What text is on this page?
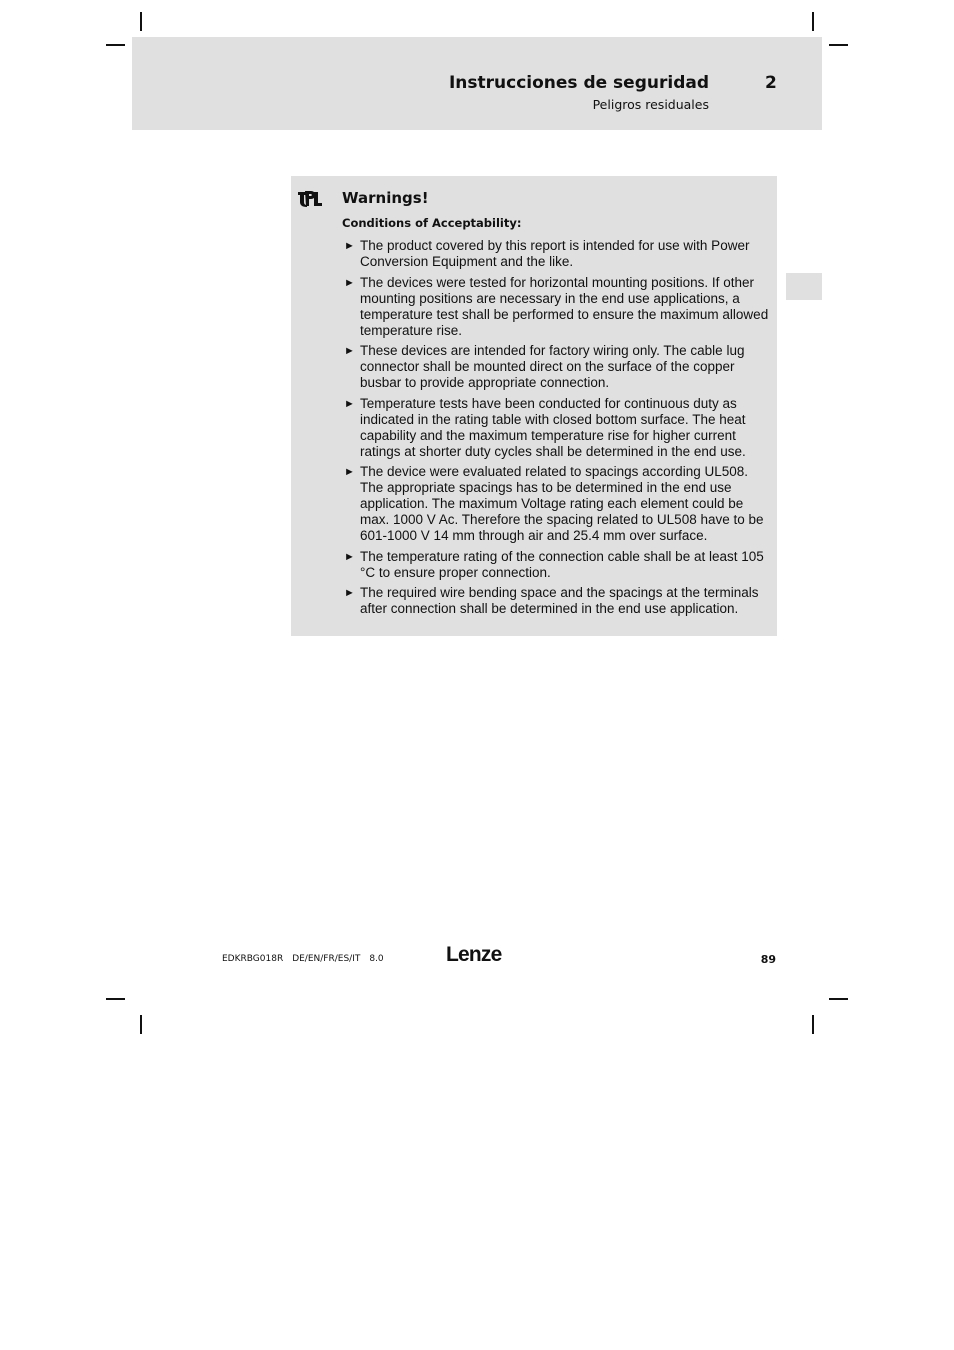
Instrucciones de seguridad
Peligros residuales
2
Warnings!
Conditions of Acceptability:
► The product covered by this report is intended for use with Power Conversion Equipment and the like.
► The devices were tested for horizontal mounting positions. If other mounting positions are necessary in the end use applications, a temperature test shall be performed to ensure the maximum allowed temperature rise.
► These devices are intended for factory wiring only. The cable lug connector shall be mounted direct on the surface of the copper busbar to provide appropriate connection.
► Temperature tests have been conducted for continuous duty as indicated in the rating table with closed bottom surface. The heat capability and the maximum temperature rise for higher current ratings at shorter duty cycles shall be determined in the end use.
► The device were evaluated related to spacings according UL508. The appropriate spacings has to be determined in the end use application. The maximum Voltage rating each element could be max. 1000 V Ac. Therefore the spacing related to UL508 have to be 601-1000 V 14 mm through air and 25.4 mm over surface.
► The temperature rating of the connection cable shall be at least 105 °C to ensure proper connection.
► The required wire bending space and the spacings at the terminals after connection shall be determined in the end use application.
EDKRBG018R DE/EN/FR/ES/IT 8.0	Lenze	89
